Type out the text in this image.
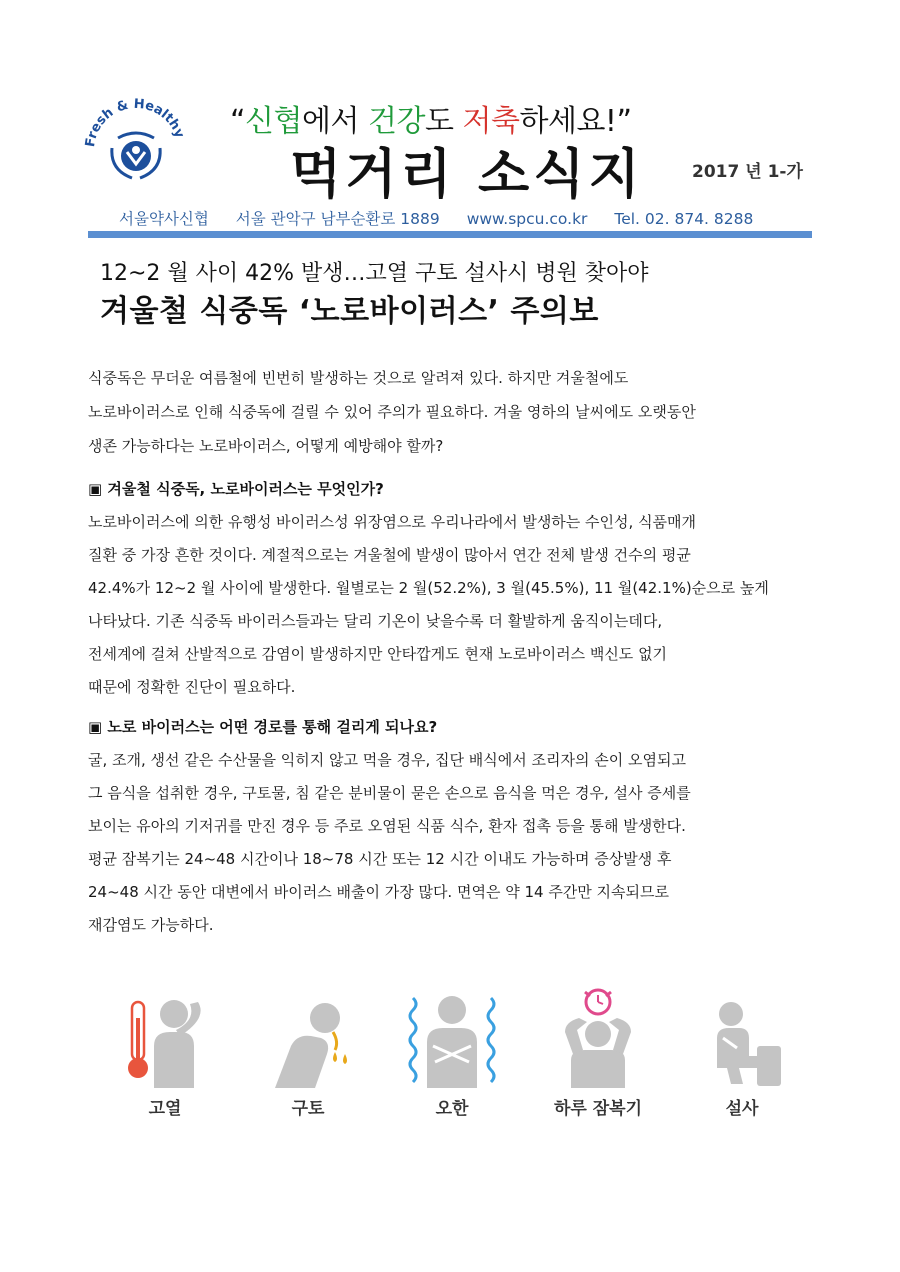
Fresh & Healthy “신협에서 건강도 저축하세요!”
먹거리 소식지	2017 년 1-가
서울약사신협 서울 관악구 남부순환로 1889 www.spcu.co.kr Tel. 02. 874. 8288
12~2 월 사이 42% 발생…고열 구토 설사시 병원 찾아야
겨울철 식중독 ‘노로바이러스’ 주의보
식중독은 무더운 여름철에 빈번히 발생하는 것으로 알려져 있다. 하지만 겨울철에도
노로바이러스로 인해 식중독에 걸릴 수 있어 주의가 필요하다. 겨울 영하의 날씨에도 오랫동안
생존 가능하다는 노로바이러스, 어떻게 예방해야 할까?
▣ 겨울철 식중독, 노로바이러스는 무엇인가?
노로바이러스에 의한 유행성 바이러스성 위장염으로 우리나라에서 발생하는 수인성, 식품매개
질환 중 가장 흔한 것이다. 계절적으로는 겨울철에 발생이 많아서 연간 전체 발생 건수의 평균
42.4%가 12~2 월 사이에 발생한다. 월별로는 2 월(52.2%), 3 월(45.5%), 11 월(42.1%)순으로 높게
나타났다. 기존 식중독 바이러스들과는 달리 기온이 낮을수록 더 활발하게 움직이는데다,
전세계에 걸쳐 산발적으로 감염이 발생하지만 안타깝게도 현재 노로바이러스 백신도 없기
때문에 정확한 진단이 필요하다.
▣ 노로 바이러스는 어떤 경로를 통해 걸리게 되나요?
굴, 조개, 생선 같은 수산물을 익히지 않고 먹을 경우, 집단 배식에서 조리자의 손이 오염되고
그 음식을 섭취한 경우, 구토물, 침 같은 분비물이 묻은 손으로 음식을 먹은 경우, 설사 증세를
보이는 유아의 기저귀를 만진 경우 등 주로 오염된 식품 식수, 환자 접촉 등을 통해 발생한다.
평균 잠복기는 24~48 시간이나 18~78 시간 또는 12 시간 이내도 가능하며 증상발생 후
24~48 시간 동안 대변에서 바이러스 배출이 가장 많다. 면역은 약 14 주간만 지속되므로
재감염도 가능하다.
고열	구토	오한	하루 잠복기	설사
